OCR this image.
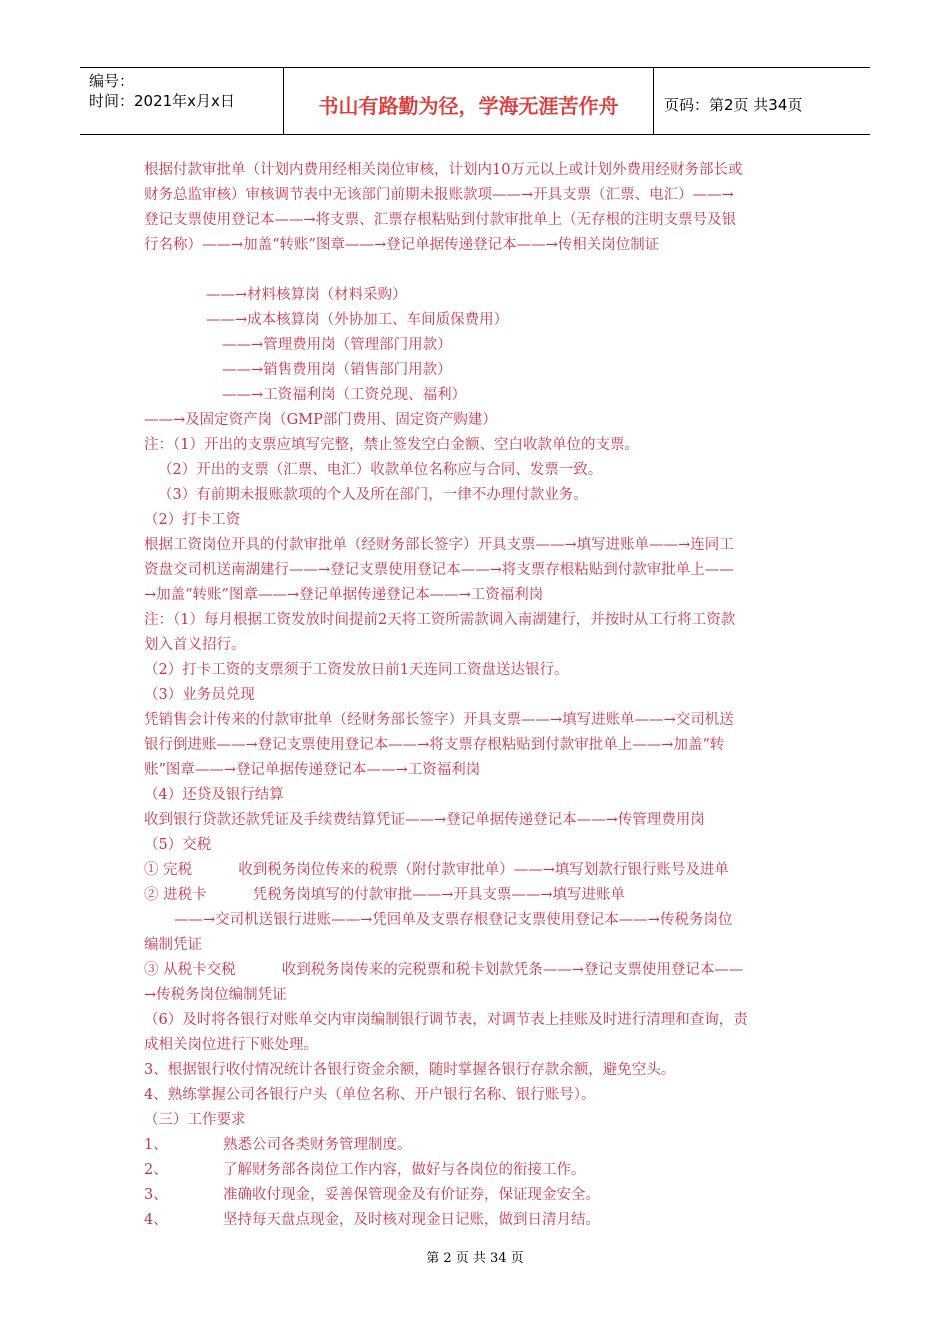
编号：
时间：2021年x月x日	书山有路勤为径，学海无涯苦作舟	页码：第2页 共34页

根据付款审批单（计划内费用经相关岗位审核，计划内10万元以上或计划外费用经财务部长或

财务总监审核）审核调节表中无该部门前期未报账款项——→开具支票（汇票、电汇）——→

登记支票使用登记本——→将支票、汇票存根粘贴到付款审批单上（无存根的注明支票号及银

行名称）——→加盖“转账”图章——→登记单据传递登记本——→传相关岗位制证

——→材料核算岗（材料采购）

——→成本核算岗（外协加工、车间质保费用）

——→管理费用岗（管理部门用款）

——→销售费用岗（销售部门用款）

——→工资福利岗（工资兑现、福利）

——→及固定资产岗（GMP部门费用、固定资产购建）

注：（1）开出的支票应填写完整，禁止签发空白金额、空白收款单位的支票。

（2）开出的支票（汇票、电汇）收款单位名称应与合同、发票一致。

（3）有前期未报账款项的个人及所在部门，一律不办理付款业务。

（2）打卡工资

根据工资岗位开具的付款审批单（经财务部长签字）开具支票——→填写进账单——→连同工

资盘交司机送南湖建行——→登记支票使用登记本——→将支票存根粘贴到付款审批单上——

→加盖“转账”图章——→登记单据传递登记本——→工资福利岗

注：（1）每月根据工资发放时间提前2天将工资所需款调入南湖建行，并按时从工行将工资款

划入首义招行。

（2）打卡工资的支票须于工资发放日前1天连同工资盘送达银行。

（3）业务员兑现

凭销售会计传来的付款审批单（经财务部长签字）开具支票——→填写进账单——→交司机送

银行倒进账——→登记支票使用登记本——→将支票存根粘贴到付款审批单上——→加盖“转

账”图章——→登记单据传递登记本——→工资福利岗

（4）还贷及银行结算

收到银行贷款还款凭证及手续费结算凭证——→登记单据传递登记本——→传管理费用岗

（5）交税

① 完税          收到税务岗位传来的税票（附付款审批单）——→填写划款行银行账号及进单

② 进税卡          凭税务岗填写的付款审批——→开具支票——→填写进账单

——→交司机送银行进账——→凭回单及支票存根登记支票使用登记本——→传税务岗位

编制凭证

③ 从税卡交税          收到税务岗传来的完税票和税卡划款凭条——→登记支票使用登记本——

→传税务岗位编制凭证

（6）及时将各银行对账单交内审岗编制银行调节表，对调节表上挂账及时进行清理和查询，责

成相关岗位进行下账处理。

3、根据银行收付情况统计各银行资金余额，随时掌握各银行存款余额，避免空头。

4、熟练掌握公司各银行户头（单位名称、开户银行名称、银行账号）。

（三）工作要求

1、            熟悉公司各类财务管理制度。

2、            了解财务部各岗位工作内容，做好与各岗位的衔接工作。

3、            准确收付现金，妥善保管现金及有价证券，保证现金安全。

4、            坚持每天盘点现金，及时核对现金日记账，做到日清月结。

第 2 页 共 34 页
